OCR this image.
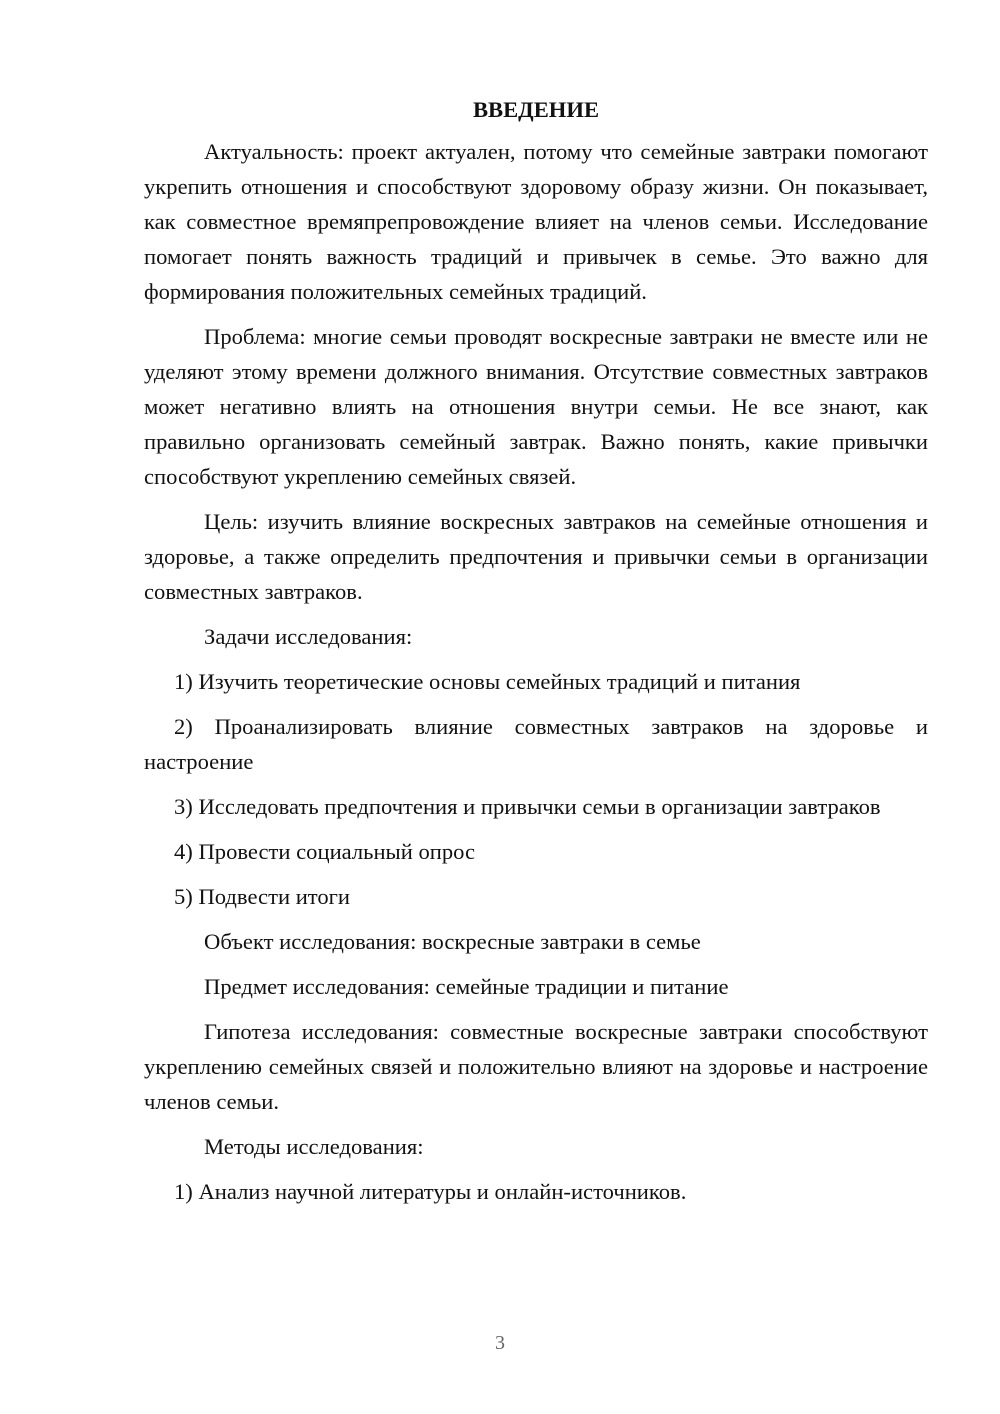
ВВЕДЕНИЕ

Актуальность: проект актуален, потому что семейные завтраки помогают укрепить отношения и способствуют здоровому образу жизни. Он показывает, как совместное времяпрепровождение влияет на членов семьи. Исследование помогает понять важность традиций и привычек в семье. Это важно для формирования положительных семейных традиций.

Проблема: многие семьи проводят воскресные завтраки не вместе или не уделяют этому времени должного внимания. Отсутствие совместных завтраков может негативно влиять на отношения внутри семьи. Не все знают, как правильно организовать семейный завтрак. Важно понять, какие привычки способствуют укреплению семейных связей.

Цель: изучить влияние воскресных завтраков на семейные отношения и здоровье, а также определить предпочтения и привычки семьи в организации совместных завтраков.

Задачи исследования:

1) Изучить теоретические основы семейных традиций и питания

2) Проанализировать влияние совместных завтраков на здоровье и настроение

3) Исследовать предпочтения и привычки семьи в организации завтраков

4) Провести социальный опрос

5) Подвести итоги

Объект исследования: воскресные завтраки в семье

Предмет исследования: семейные традиции и питание

Гипотеза исследования: совместные воскресные завтраки способствуют укреплению семейных связей и положительно влияют на здоровье и настроение членов семьи.

Методы исследования:

1) Анализ научной литературы и онлайн-источников.

3
